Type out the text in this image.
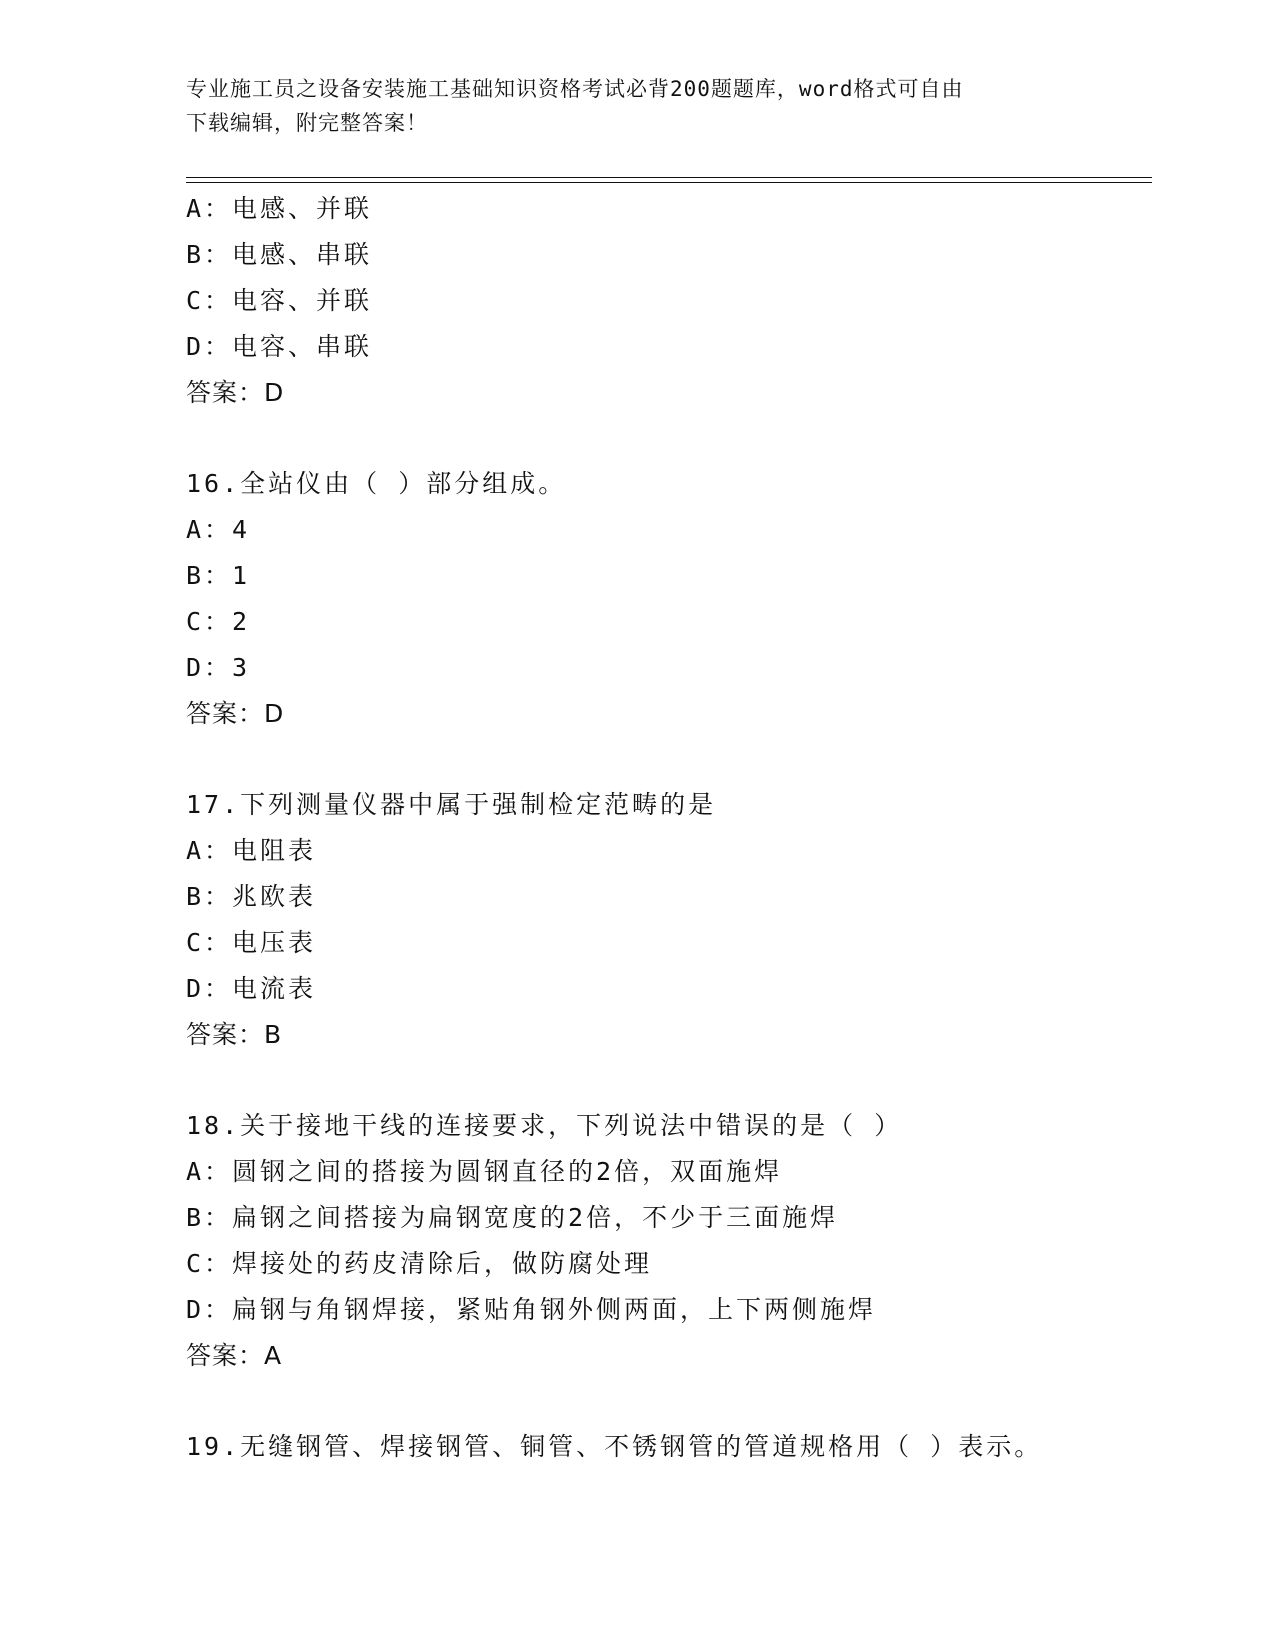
专业施工员之设备安装施工基础知识资格考试必背200题题库，word格式可自由
下载编辑，附完整答案！
A：电感、并联
B：电感、串联
C：电容、并联
D：电容、串联
答案：D
16.全站仪由（ ）部分组成。
A：4
B：1
C：2
D：3
答案：D
17.下列测量仪器中属于强制检定范畴的是
A：电阻表
B：兆欧表
C：电压表
D：电流表
答案：B
18.关于接地干线的连接要求，下列说法中错误的是（ ）
A：圆钢之间的搭接为圆钢直径的2倍，双面施焊
B：扁钢之间搭接为扁钢宽度的2倍，不少于三面施焊
C：焊接处的药皮清除后，做防腐处理
D：扁钢与角钢焊接，紧贴角钢外侧两面，上下两侧施焊
答案：A
19.无缝钢管、焊接钢管、铜管、不锈钢管的管道规格用（ ）表示。
